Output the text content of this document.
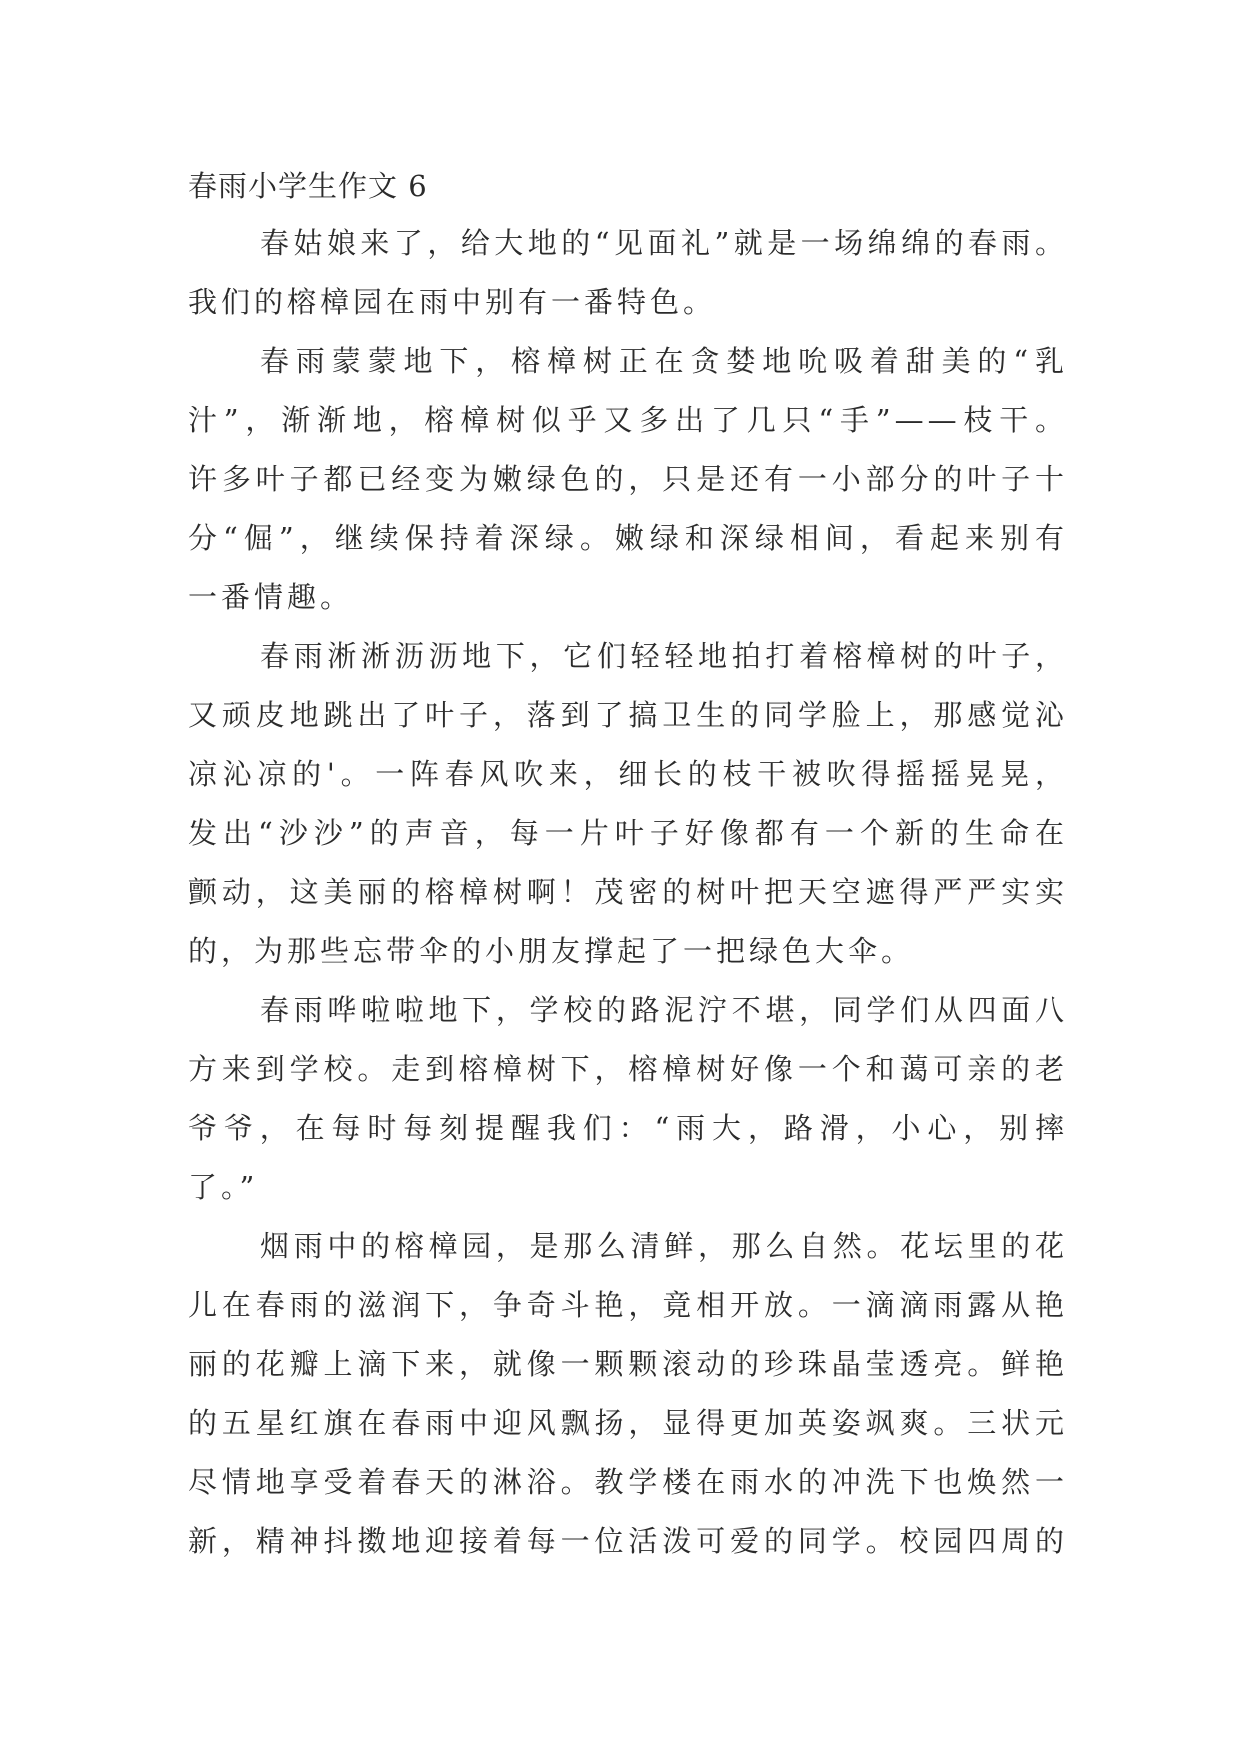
春雨小学生作文 6

春姑娘来了，给大地的“见面礼”就是一场绵绵的春雨。
我们的榕樟园在雨中别有一番特色。

春雨蒙蒙地下，榕樟树正在贪婪地吮吸着甜美的“乳
汁”，渐渐地，榕樟树似乎又多出了几只“手”——枝干。
许多叶子都已经变为嫩绿色的，只是还有一小部分的叶子十
分“倔”，继续保持着深绿。嫩绿和深绿相间，看起来别有
一番情趣。

春雨淅淅沥沥地下，它们轻轻地拍打着榕樟树的叶子，
又顽皮地跳出了叶子，落到了搞卫生的同学脸上，那感觉沁
凉沁凉的'。一阵春风吹来，细长的枝干被吹得摇摇晃晃，
发出“沙沙”的声音，每一片叶子好像都有一个新的生命在
颤动，这美丽的榕樟树啊！茂密的树叶把天空遮得严严实实
的，为那些忘带伞的小朋友撑起了一把绿色大伞。

春雨哗啦啦地下，学校的路泥泞不堪，同学们从四面八
方来到学校。走到榕樟树下，榕樟树好像一个和蔼可亲的老
爷爷，在每时每刻提醒我们：“雨大，路滑，小心，别摔
了。”

烟雨中的榕樟园，是那么清鲜，那么自然。花坛里的花
儿在春雨的滋润下，争奇斗艳，竟相开放。一滴滴雨露从艳
丽的花瓣上滴下来，就像一颗颗滚动的珍珠晶莹透亮。鲜艳
的五星红旗在春雨中迎风飘扬，显得更加英姿飒爽。三状元
尽情地享受着春天的淋浴。教学楼在雨水的冲洗下也焕然一
新，精神抖擞地迎接着每一位活泼可爱的同学。校园四周的
